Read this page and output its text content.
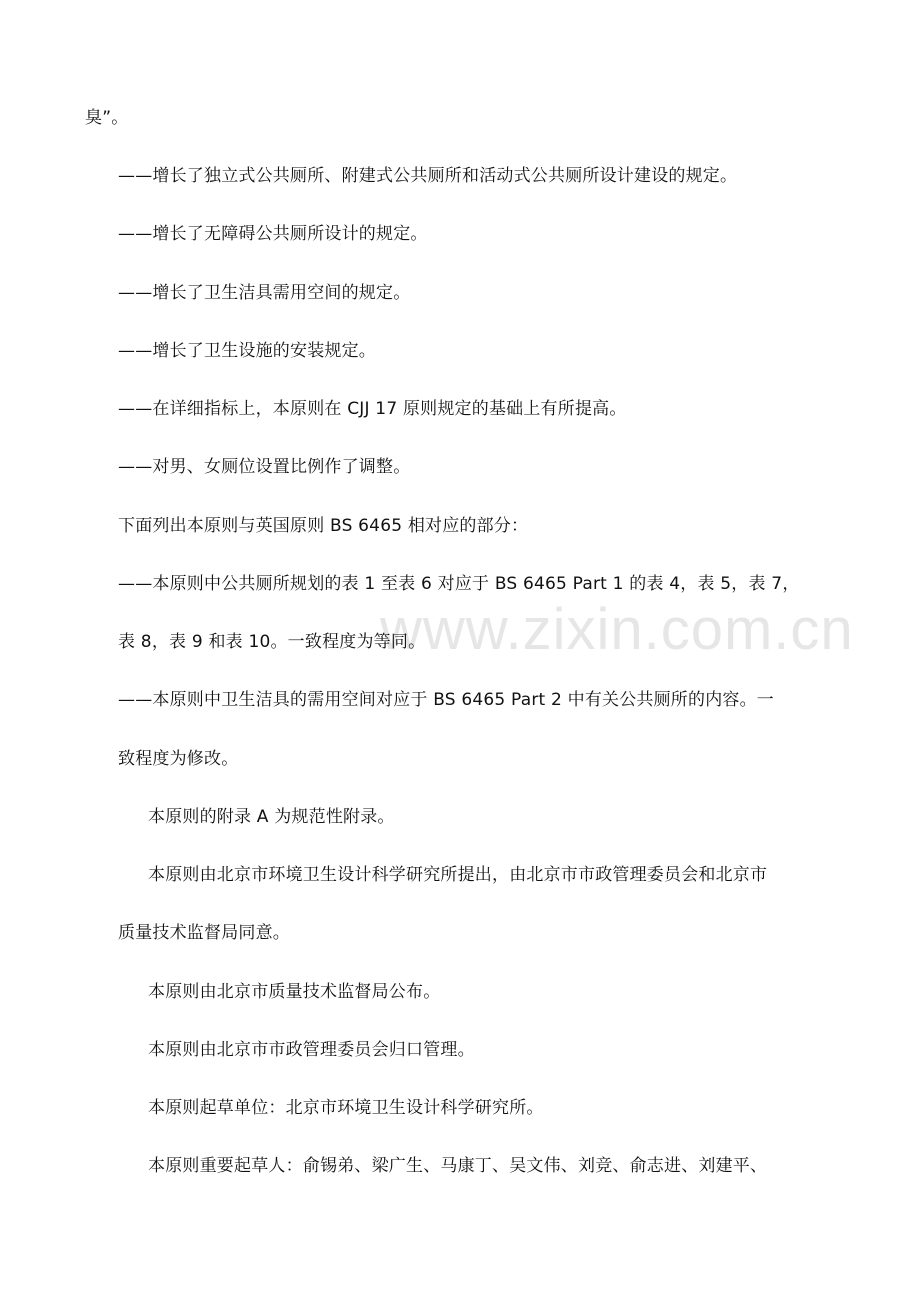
www.zixin.com.cn
臭”。
——增长了独立式公共厕所、附建式公共厕所和活动式公共厕所设计建设的规定。
——增长了无障碍公共厕所设计的规定。
——增长了卫生洁具需用空间的规定。
——增长了卫生设施的安装规定。
——在详细指标上，本原则在 CJJ 17 原则规定的基础上有所提高。
——对男、女厕位设置比例作了调整。
下面列出本原则与英国原则 BS 6465 相对应的部分：
——本原则中公共厕所规划的表 1 至表 6 对应于 BS 6465 Part 1 的表 4，表 5，表 7，
表 8，表 9 和表 10。一致程度为等同。
——本原则中卫生洁具的需用空间对应于 BS 6465 Part 2 中有关公共厕所的内容。一
致程度为修改。
本原则的附录 A 为规范性附录。
本原则由北京市环境卫生设计科学研究所提出，由北京市市政管理委员会和北京市
质量技术监督局同意。
本原则由北京市质量技术监督局公布。
本原则由北京市市政管理委员会归口管理。
本原则起草单位：北京市环境卫生设计科学研究所。
本原则重要起草人：俞锡弟、梁广生、马康丁、吴文伟、刘竞、俞志进、刘建平、
